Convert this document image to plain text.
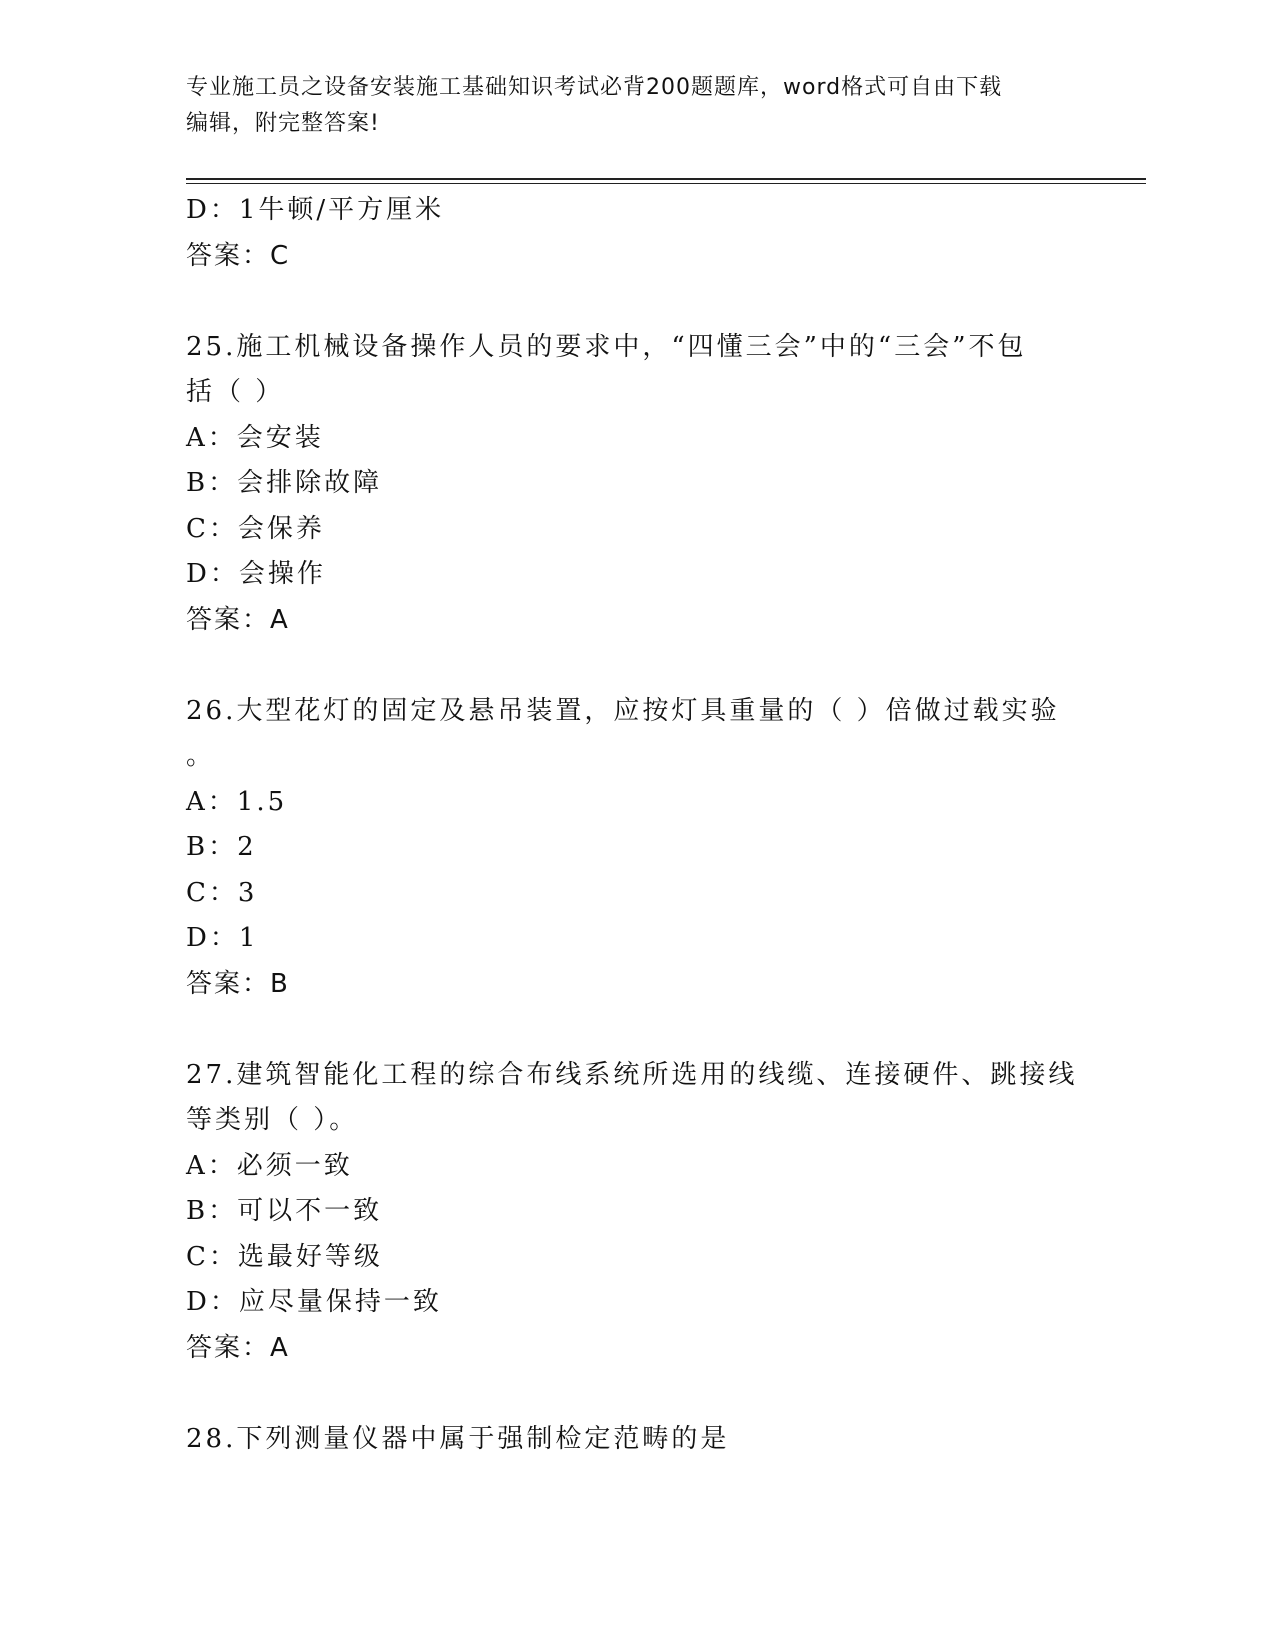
专业施工员之设备安装施工基础知识考试必背200题题库，word格式可自由下载
编辑，附完整答案!
D：1牛顿/平方厘米
答案：C
25.施工机械设备操作人员的要求中，“四懂三会”中的“三会”不包
括（ ）
A：会安装
B：会排除故障
C：会保养
D：会操作
答案：A
26.大型花灯的固定及悬吊装置，应按灯具重量的（ ）倍做过载实验
。
A：1.5
B：2
C：3
D：1
答案：B
27.建筑智能化工程的综合布线系统所选用的线缆、连接硬件、跳接线
等类别（ ）。
A：必须一致
B：可以不一致
C：选最好等级
D：应尽量保持一致
答案：A
28.下列测量仪器中属于强制检定范畴的是
